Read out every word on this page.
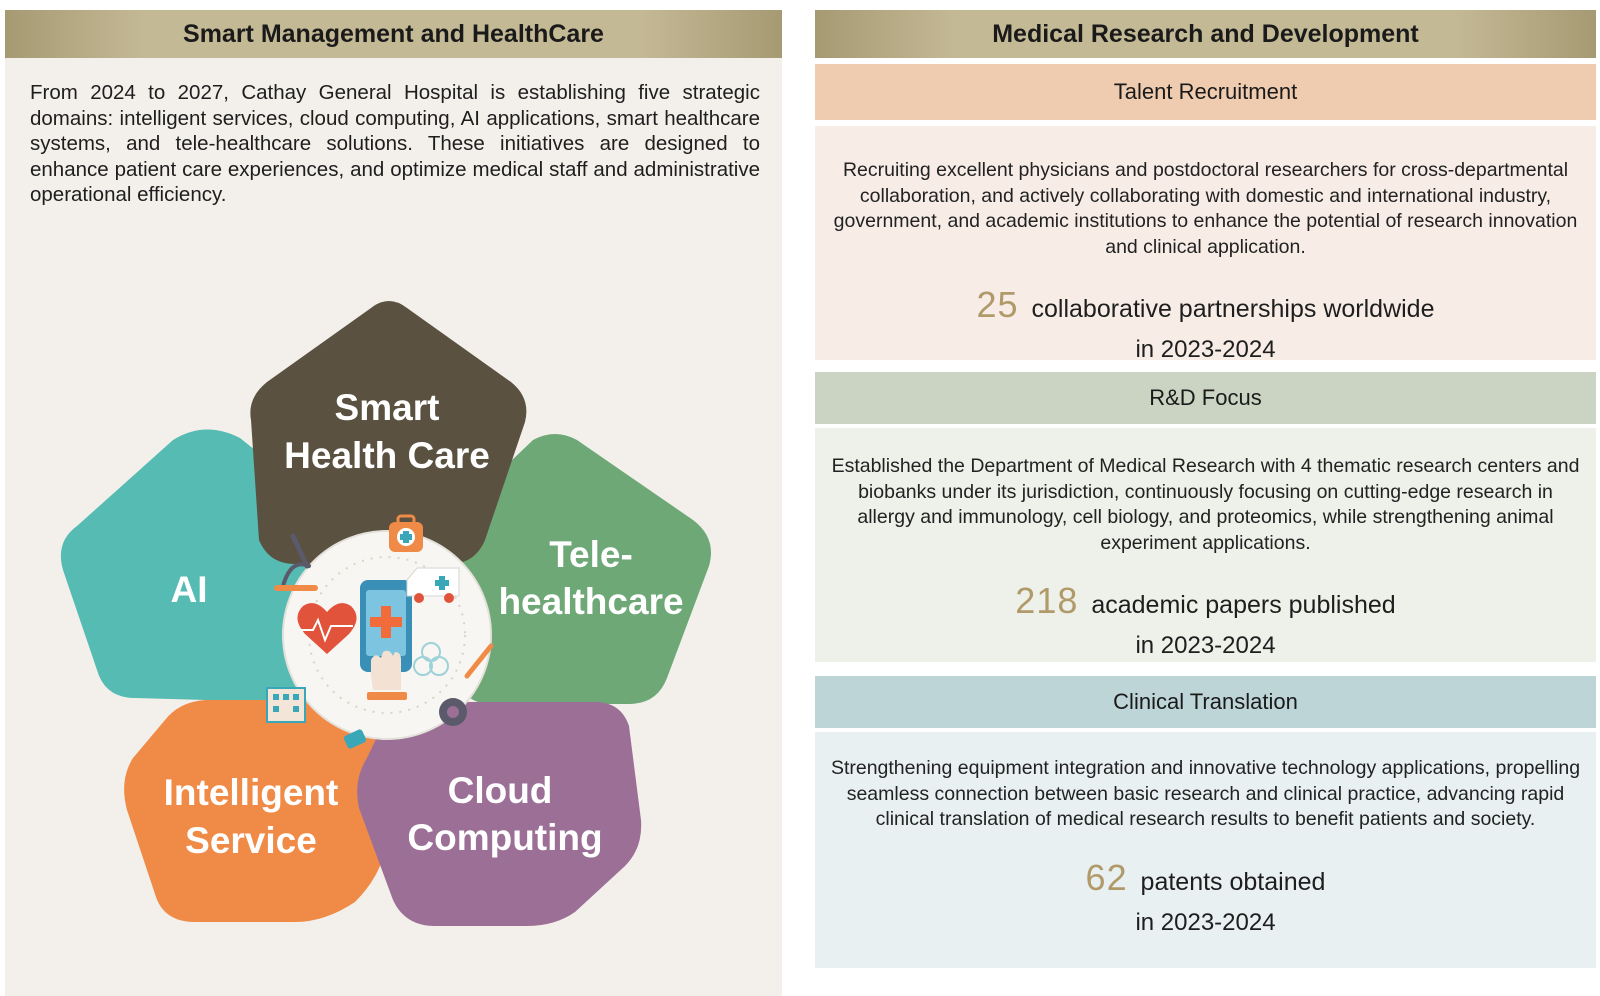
Smart Management and HealthCare

From 2024 to 2027, Cathay General Hospital is establishing five strategic domains: intelligent services, cloud computing, AI applications, smart healthcare systems, and tele-healthcare solutions. These initiatives are designed to enhance patient care experiences, and optimize medical staff and administrative operational efficiency.

Smart
Health Care
AI
Tele-
healthcare
Intelligent
Service
Cloud
Computing
Medical Research and Development
Talent Recruitment

Recruiting excellent physicians and postdoctoral researchers for cross-departmental collaboration, and actively collaborating with domestic and international industry, government, and academic institutions to enhance the potential of research innovation and clinical application.

25 collaborative partnerships worldwide
in 2023-2024
R&D Focus

Established the Department of Medical Research with 4 thematic research centers and biobanks under its jurisdiction, continuously focusing on cutting-edge research in allergy and immunology, cell biology, and proteomics, while strengthening animal experiment applications.

218 academic papers published
in 2023-2024
Clinical Translation

Strengthening equipment integration and innovative technology applications, propelling seamless connection between basic research and clinical practice, advancing rapid clinical translation of medical research results to benefit patients and society.

62 patents obtained
in 2023-2024
